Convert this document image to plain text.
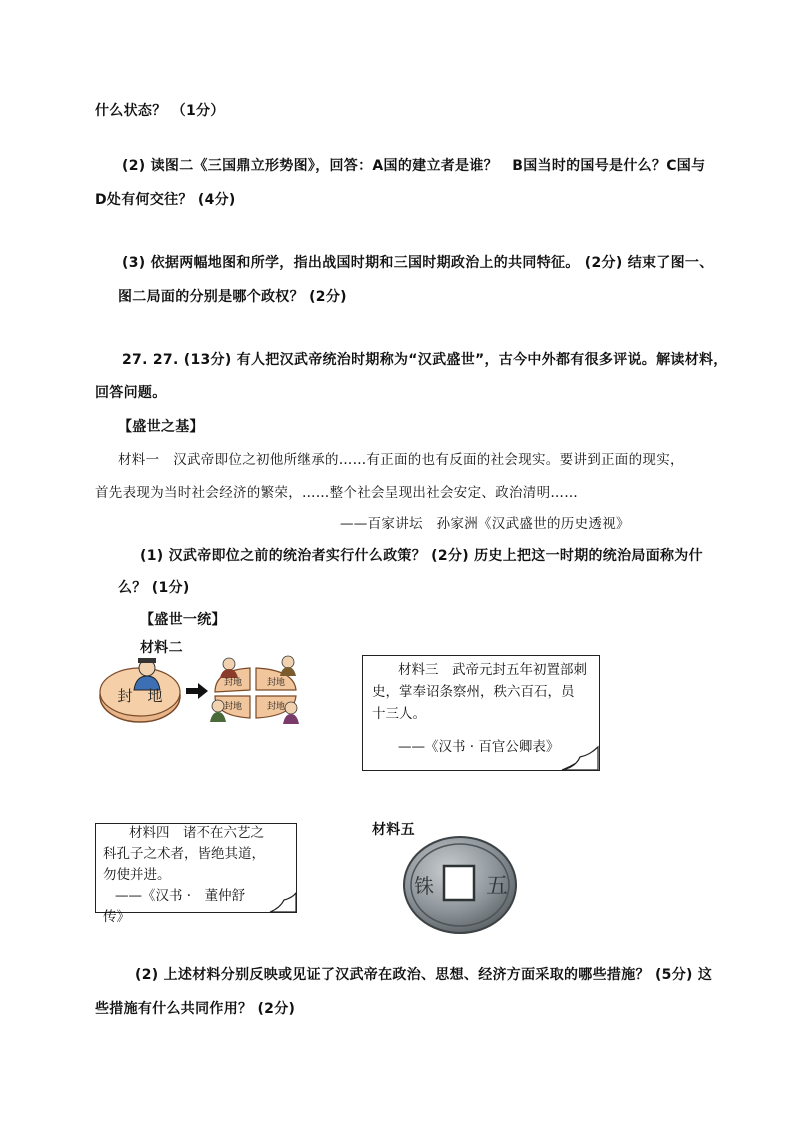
什么状态？ （1分）
(2) 读图二《三国鼎立形势图》，回答：A国的建立者是谁？　B国当时的国号是什么？C国与
D处有何交往？ (4分)
(3) 依据两幅地图和所学，指出战国时期和三国时期政治上的共同特征。 (2分) 结束了图一、
图二局面的分别是哪个政权？ (2分)
27. 27. (13分) 有人把汉武帝统治时期称为“汉武盛世”，古今中外都有很多评说。解读材料，
回答问题。
【盛世之基】
材料一　汉武帝即位之初他所继承的……有正面的也有反面的社会现实。要讲到正面的现实，
首先表现为当时社会经济的繁荣，……整个社会呈现出社会安定、政治清明……
——百家讲坛　孙家洲《汉武盛世的历史透视》
(1) 汉武帝即位之前的统治者实行什么政策？ (2分) 历史上把这一时期的统治局面称为什
么？ (1分)
【盛世一统】
材料二
封　地
封地	封地
封地	封地
材料三　武帝元封五年初置部刺
史，掌奉诏条察州，秩六百石，员
十三人。
——《汉书 · 百官公卿表》
材料四　诸不在六艺之
科孔子之术者，皆绝其道，
勿使并进。
——《汉书 ·　董仲舒
传》
材料五
铢 五
(2) 上述材料分别反映或见证了汉武帝在政治、思想、经济方面采取的哪些措施？ (5分) 这
些措施有什么共同作用？ (2分)
